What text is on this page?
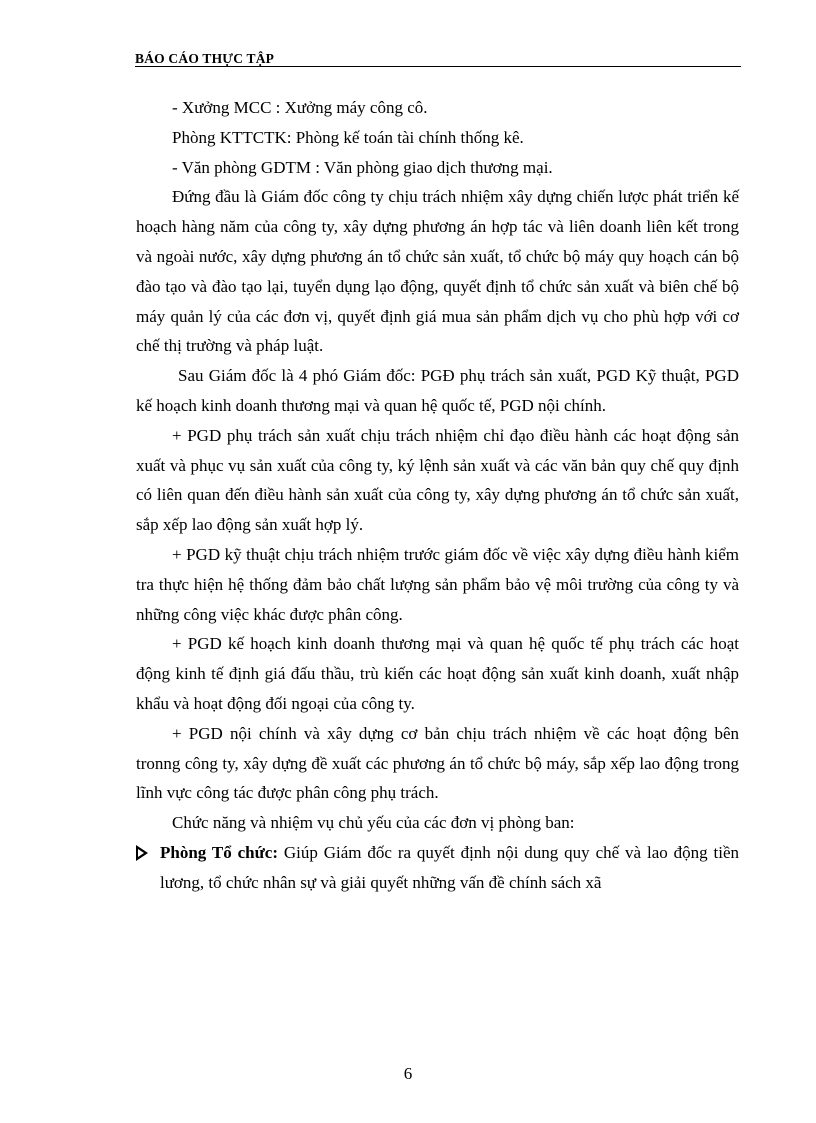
BÁO CÁO THỰC TẬP

- Xưởng MCC : Xưởng máy công cô.

Phòng KTTCTK: Phòng kế toán tài chính thống kê.

- Văn phòng GDTM : Văn phòng giao dịch thương mại.

Đứng đầu là Giám đốc công ty chịu trách nhiệm xây dựng chiến lược phát triển kế hoạch hàng năm của công ty, xây dựng phương án hợp tác và liên doanh liên kết trong và ngoài nước, xây dựng phương án tổ chức sản xuất, tổ chức bộ máy quy hoạch cán bộ đào tạo và đào tạo lại, tuyển dụng lạo động, quyết định tổ chức sản xuất và biên chế bộ máy quản lý của các đơn vị, quyết định giá mua sản phẩm dịch vụ cho phù hợp với cơ chế thị trường và pháp luật.

Sau Giám đốc là 4 phó Giám đốc: PGĐ phụ trách sản xuất, PGD Kỹ thuật, PGD kế hoạch kinh doanh thương mại và quan hệ quốc tế, PGD nội chính.

+ PGD phụ trách sản xuất chịu trách nhiệm chỉ đạo điều hành các hoạt động sản xuất và phục vụ sản xuất của công ty, ký lệnh sản xuất và các văn bản quy chế quy định có liên quan đến điều hành sản xuất của công ty, xây dựng phương án tổ chức sản xuất, sắp xếp lao động sản xuất hợp lý.

+ PGD kỹ thuật chịu trách nhiệm trước giám đốc về việc xây dựng điều hành kiểm tra thực hiện hệ thống đảm bảo chất lượng sản phẩm bảo vệ môi trường của công ty và những công việc khác được phân công.

+ PGD kế hoạch kinh doanh thương mại và quan hệ quốc tế phụ trách các hoạt động kinh tế định giá đấu thầu, trù kiến các hoạt động sản xuất kinh doanh, xuất nhập khẩu và hoạt động đối ngoại của công ty.

+ PGD nội chính và xây dựng cơ bản chịu trách nhiệm về các hoạt động bên tronng công ty, xây dựng đề xuất các phương án tổ chức bộ máy, sắp xếp lao động trong lĩnh vực công tác được phân công phụ trách.

Chức năng và nhiệm vụ chủ yếu của các đơn vị phòng ban:

Phòng Tổ chức: Giúp Giám đốc ra quyết định nội dung quy chế và lao động tiền lương, tổ chức nhân sự và giải quyết những vấn đề chính sách xã

6
